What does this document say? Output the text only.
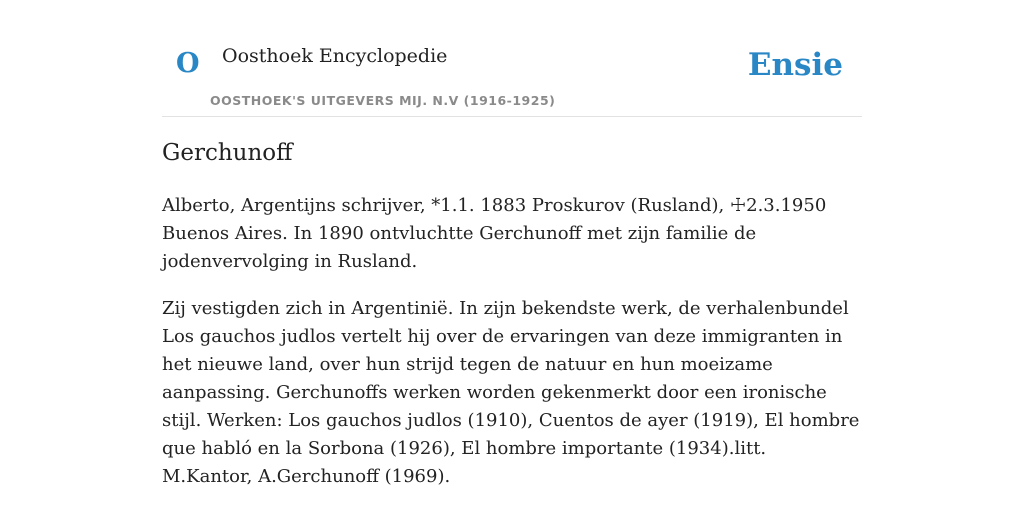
O Oosthoek Encyclopedie	Ensie
OOSTHOEK'S UITGEVERS MIJ. N.V (1916-1925)
Gerchunoff

Alberto, Argentijns schrijver, *1.1. 1883 Proskurov (Rusland), ☩2.3.1950 Buenos Aires. In 1890 ontvluchtte Gerchunoff met zijn familie de jodenvervolging in Rusland.

Zij vestigden zich in Argentinië. In zijn bekendste werk, de verhalenbundel Los gauchos judlos vertelt hij over de ervaringen van deze immigranten in het nieuwe land, over hun strijd tegen de natuur en hun moeizame aanpassing. Gerchunoffs werken worden gekenmerkt door een ironische stijl. Werken: Los gauchos judlos (1910), Cuentos de ayer (1919), El hombre que habló en la Sorbona (1926), El hombre importante (1934).litt. M.Kantor, A.Gerchunoff (1969).
